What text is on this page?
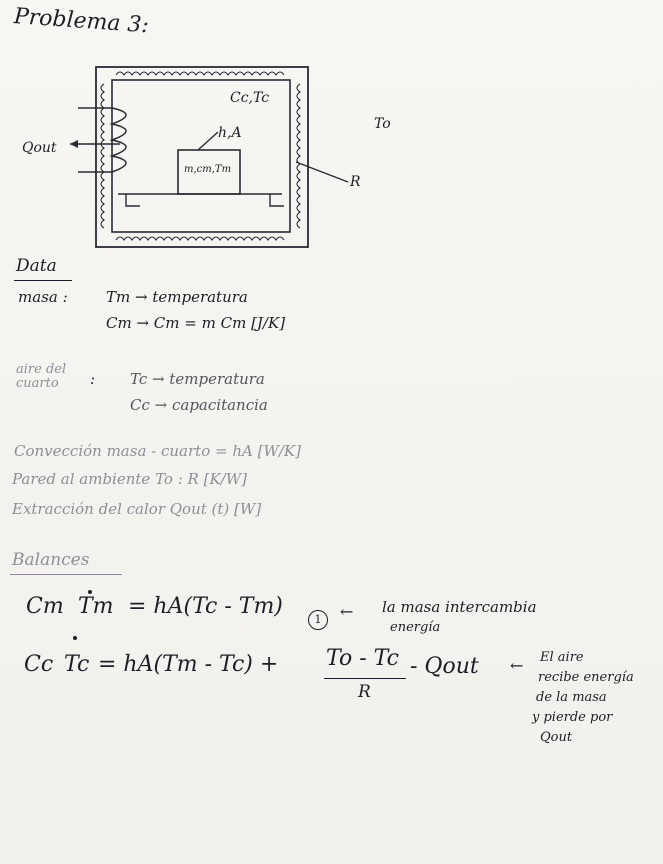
Problema 3:
Cc,Tc
h,A
m,cm,Tm
To
R
Qout
Data
masa :	Tm → temperatura
Cm → Cm = m Cm [J/K]
aire del
cuarto : Tc → temperatura
Cc → capacitancia
Convección masa - cuarto = hA [W/K]
Pared al ambiente To : R [K/W]
Extracción del calor Qout (t) [W]
Balances
Cm Tm = hA(Tc - Tm)
1	← la masa intercambia
energía
Cc Tc = hA(Tm - Tc) + To - Tc
R
- Qout ← El aire
recibe energía
de la masa
y pierde por
Qout
